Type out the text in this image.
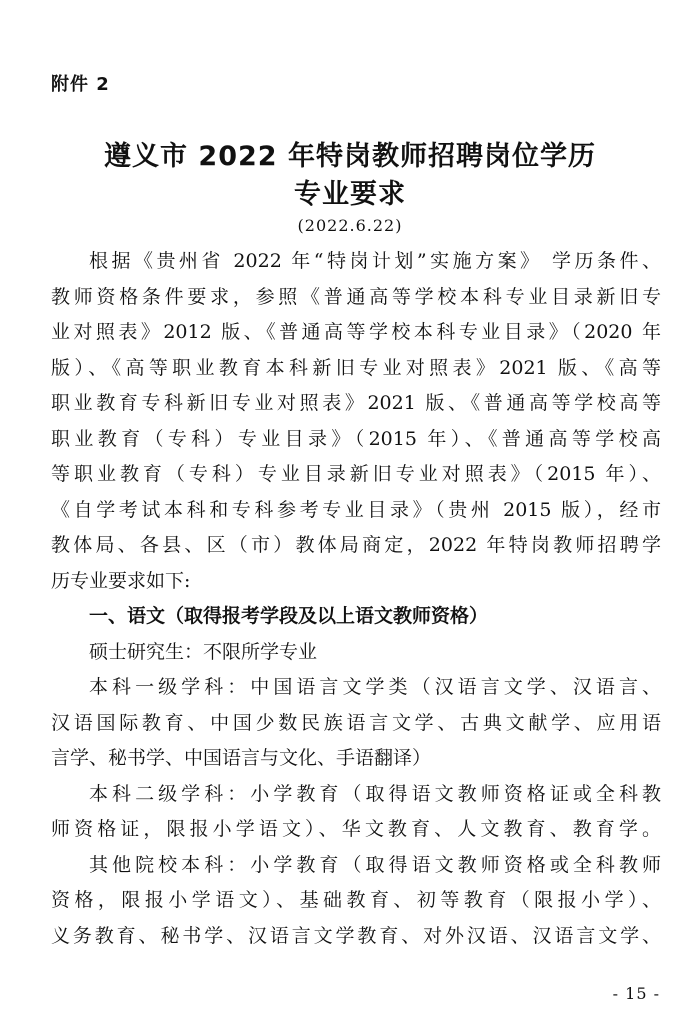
附件 2
遵义市 2022 年特岗教师招聘岗位学历
专业要求
(2022.6.22)
根据《贵州省 2022 年“特岗计划”实施方案》 学历条件、
教师资格条件要求，参照《普通高等学校本科专业目录新旧专
业对照表》2012 版、《普通高等学校本科专业目录》（2020 年
版）、《高等职业教育本科新旧专业对照表》2021 版、《高等
职业教育专科新旧专业对照表》2021 版、《普通高等学校高等
职业教育（专科）专业目录》（2015 年）、《普通高等学校高
等职业教育（专科）专业目录新旧专业对照表》（2015 年）、
《自学考试本科和专科参考专业目录》（贵州 2015 版），经市
教体局、各县、区（市）教体局商定，2022 年特岗教师招聘学
历专业要求如下:
一、语文（取得报考学段及以上语文教师资格）
硕士研究生：不限所学专业
本科一级学科：中国语言文学类（汉语言文学、汉语言、
汉语国际教育、中国少数民族语言文学、古典文献学、应用语
言学、秘书学、中国语言与文化、手语翻译）
本科二级学科：小学教育（取得语文教师资格证或全科教
师资格证，限报小学语文）、华文教育、人文教育、教育学。
其他院校本科：小学教育（取得语文教师资格或全科教师
资格，限报小学语文）、基础教育、初等教育（限报小学）、
义务教育、秘书学、汉语言文学教育、对外汉语、汉语言文学、
- 15 -
